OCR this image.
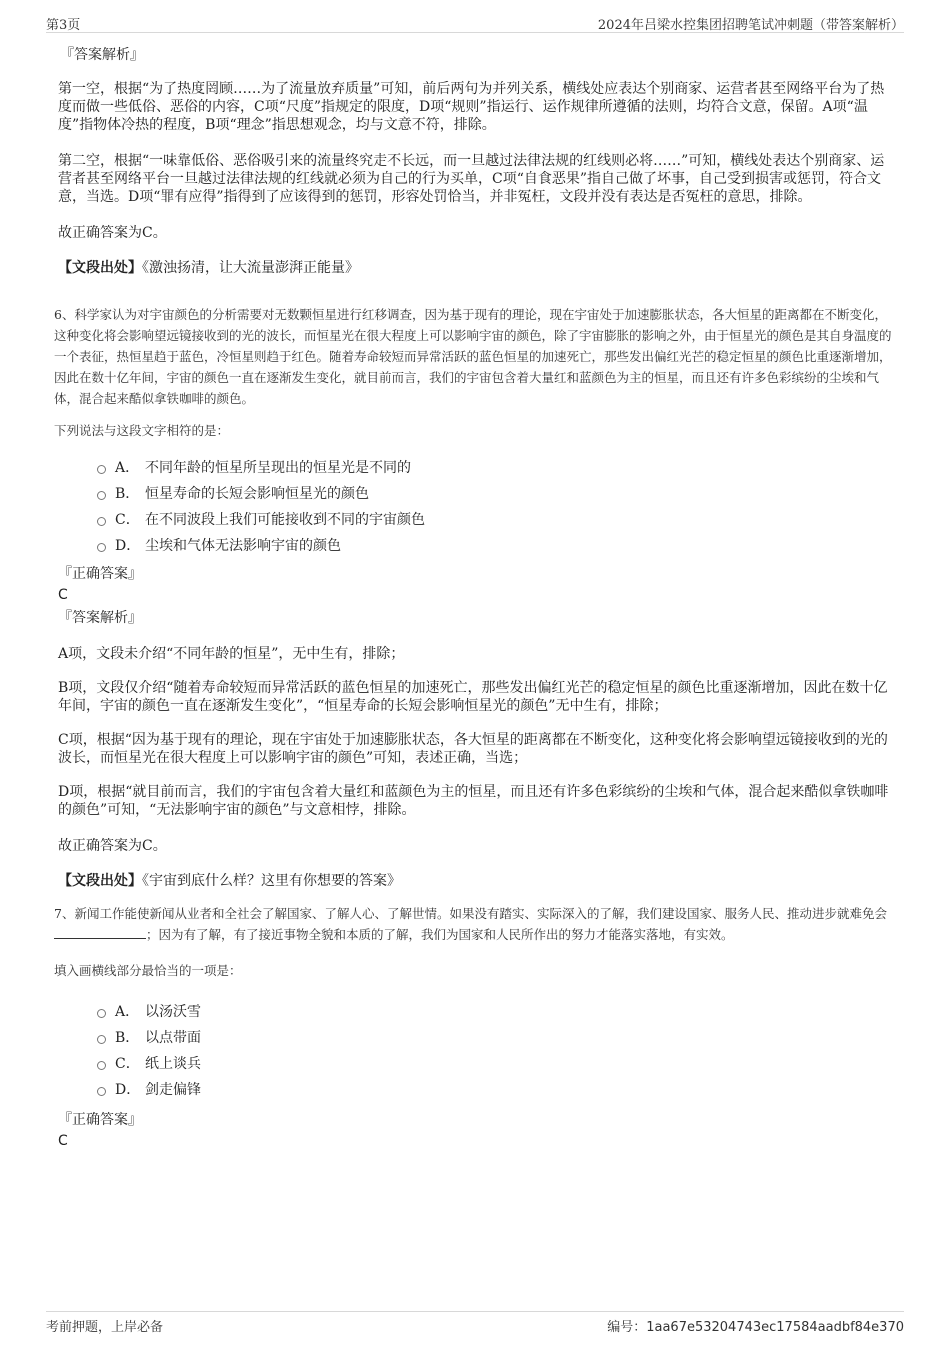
第3页	2024年吕梁水控集团招聘笔试冲刺题（带答案解析）

『答案解析』

第一空，根据“为了热度罔顾……为了流量放弃质量”可知，前后两句为并列关系，横线处应表达个别商家、运营者甚至网络平台为了热度而做一些低俗、恶俗的内容，C项“尺度”指规定的限度，D项“规则”指运行、运作规律所遵循的法则，均符合文意，保留。A项“温度”指物体冷热的程度，B项“理念”指思想观念，均与文意不符，排除。

第二空，根据“一味靠低俗、恶俗吸引来的流量终究走不长远，而一旦越过法律法规的红线则必将……”可知，横线处表达个别商家、运营者甚至网络平台一旦越过法律法规的红线就必须为自己的行为买单，C项“自食恶果”指自己做了坏事，自己受到损害或惩罚，符合文意，当选。D项“罪有应得”指得到了应该得到的惩罚，形容处罚恰当，并非冤枉，文段并没有表达是否冤枉的意思，排除。

故正确答案为C。

【文段出处】《激浊扬清，让大流量澎湃正能量》

6、科学家认为对宇宙颜色的分析需要对无数颗恒星进行红移调查，因为基于现有的理论，现在宇宙处于加速膨胀状态，各大恒星的距离都在不断变化，这种变化将会影响望远镜接收到的光的波长，而恒星光在很大程度上可以影响宇宙的颜色，除了宇宙膨胀的影响之外，由于恒星光的颜色是其自身温度的一个表征，热恒星趋于蓝色，冷恒星则趋于红色。随着寿命较短而异常活跃的蓝色恒星的加速死亡，那些发出偏红光芒的稳定恒星的颜色比重逐渐增加，因此在数十亿年间，宇宙的颜色一直在逐渐发生变化，就目前而言，我们的宇宙包含着大量红和蓝颜色为主的恒星，而且还有许多色彩缤纷的尘埃和气体，混合起来酷似拿铁咖啡的颜色。

下列说法与这段文字相符的是：

A． 不同年龄的恒星所呈现出的恒星光是不同的
B． 恒星寿命的长短会影响恒星光的颜色
C． 在不同波段上我们可能接收到不同的宇宙颜色
D． 尘埃和气体无法影响宇宙的颜色

『正确答案』

C

『答案解析』

A项，文段未介绍“不同年龄的恒星”，无中生有，排除；

B项，文段仅介绍“随着寿命较短而异常活跃的蓝色恒星的加速死亡，那些发出偏红光芒的稳定恒星的颜色比重逐渐增加，因此在数十亿年间，宇宙的颜色一直在逐渐发生变化”，“恒星寿命的长短会影响恒星光的颜色”无中生有，排除；

C项，根据“因为基于现有的理论，现在宇宙处于加速膨胀状态，各大恒星的距离都在不断变化，这种变化将会影响望远镜接收到的光的波长，而恒星光在很大程度上可以影响宇宙的颜色”可知，表述正确，当选；

D项，根据“就目前而言，我们的宇宙包含着大量红和蓝颜色为主的恒星，而且还有许多色彩缤纷的尘埃和气体，混合起来酷似拿铁咖啡的颜色”可知，“无法影响宇宙的颜色”与文意相悖，排除。

故正确答案为C。

【文段出处】《宇宙到底什么样？这里有你想要的答案》

7、新闻工作能使新闻从业者和全社会了解国家、了解人心、了解世情。如果没有踏实、实际深入的了解，我们建设国家、服务人民、推动进步就难免会 ；因为有了解，有了接近事物全貌和本质的了解，我们为国家和人民所作出的努力才能落实落地，有实效。

填入画横线部分最恰当的一项是：

A． 以汤沃雪
B． 以点带面
C． 纸上谈兵
D． 剑走偏锋

『正确答案』

C

考前押题，上岸必备	编号：1aa67e53204743ec17584aadbf84e370
